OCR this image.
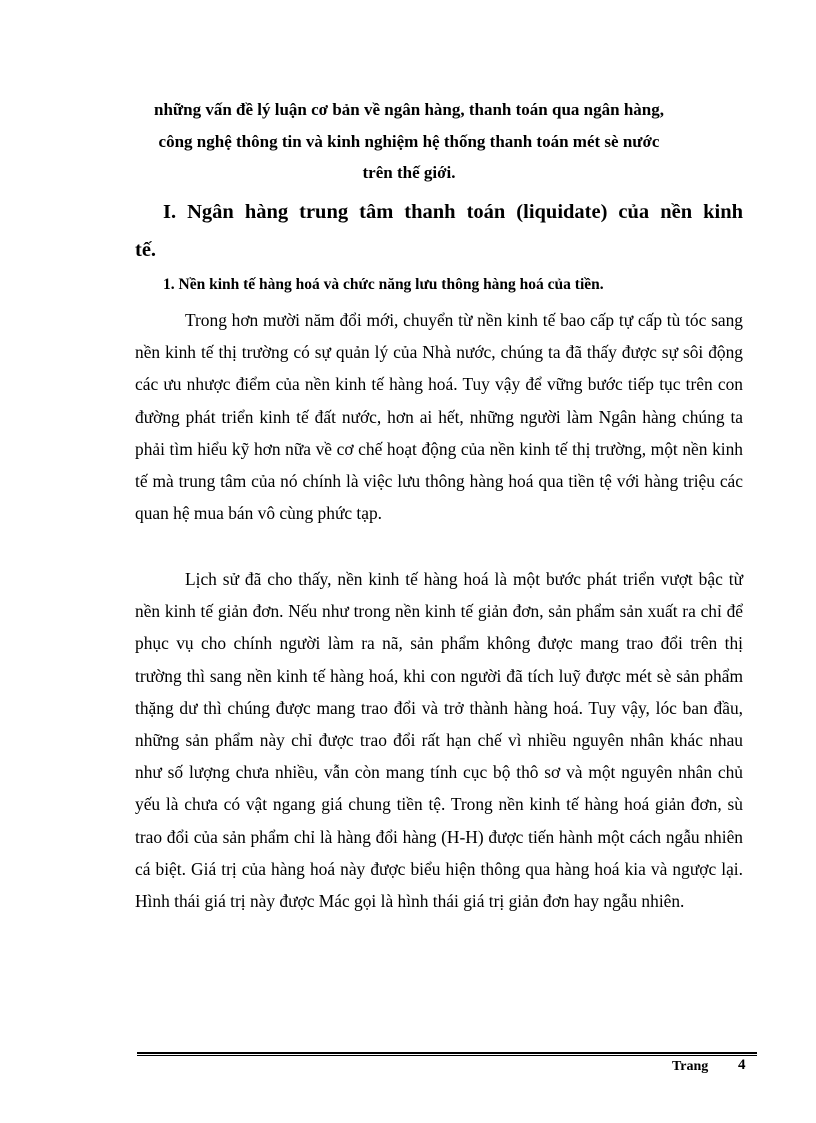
những vấn đề lý luận cơ bản về ngân hàng, thanh toán qua ngân hàng,
công nghệ thông tin và kinh nghiệm hệ thống thanh toán mét sè nước
trên thế giới.
I. Ngân hàng trung tâm thanh toán (liquidate) của nền kinh
tế.
1. Nền kinh tế hàng hoá và chức năng lưu thông hàng hoá của tiền.

Trong hơn mười năm đổi mới, chuyển từ nền kinh tế bao cấp tự cấp tù tóc sang nền kinh tế thị trường có sự quản lý của Nhà nước, chúng ta đã thấy được sự sôi động các ưu nhược điểm của nền kinh tế hàng hoá. Tuy vậy để vững bước tiếp tục trên con đường phát triển kinh tế đất nước, hơn ai hết, những người làm Ngân hàng chúng ta phải tìm hiểu kỹ hơn nữa về cơ chế hoạt động của nền kinh tế thị trường, một nền kinh tế mà trung tâm của nó chính là việc lưu thông hàng hoá qua tiền tệ với hàng triệu các quan hệ mua bán vô cùng phức tạp.

Lịch sử đã cho thấy, nền kinh tế hàng hoá là một bước phát triển vượt bậc từ nền kinh tế giản đơn. Nếu như trong nền kinh tế giản đơn, sản phẩm sản xuất ra chỉ để phục vụ cho chính người làm ra nã, sản phẩm không được mang trao đổi trên thị trường thì sang nền kinh tế hàng hoá, khi con người đã tích luỹ được mét sè sản phẩm thặng dư thì chúng được mang trao đổi và trở thành hàng hoá. Tuy vậy, lóc ban đầu, những sản phẩm này chỉ được trao đổi rất hạn chế vì nhiều nguyên nhân khác nhau như số lượng chưa nhiều, vẫn còn mang tính cục bộ thô sơ và một nguyên nhân chủ yếu là chưa có vật ngang giá chung tiền tệ. Trong nền kinh tế hàng hoá giản đơn, sù trao đổi của sản phẩm chỉ là hàng đổi hàng (H-H) được tiến hành một cách ngẫu nhiên cá biệt. Giá trị của hàng hoá này được biểu hiện thông qua hàng hoá kia và ngược lại. Hình thái giá trị này được Mác gọi là hình thái giá trị giản đơn hay ngẫu nhiên.

Trang 4
